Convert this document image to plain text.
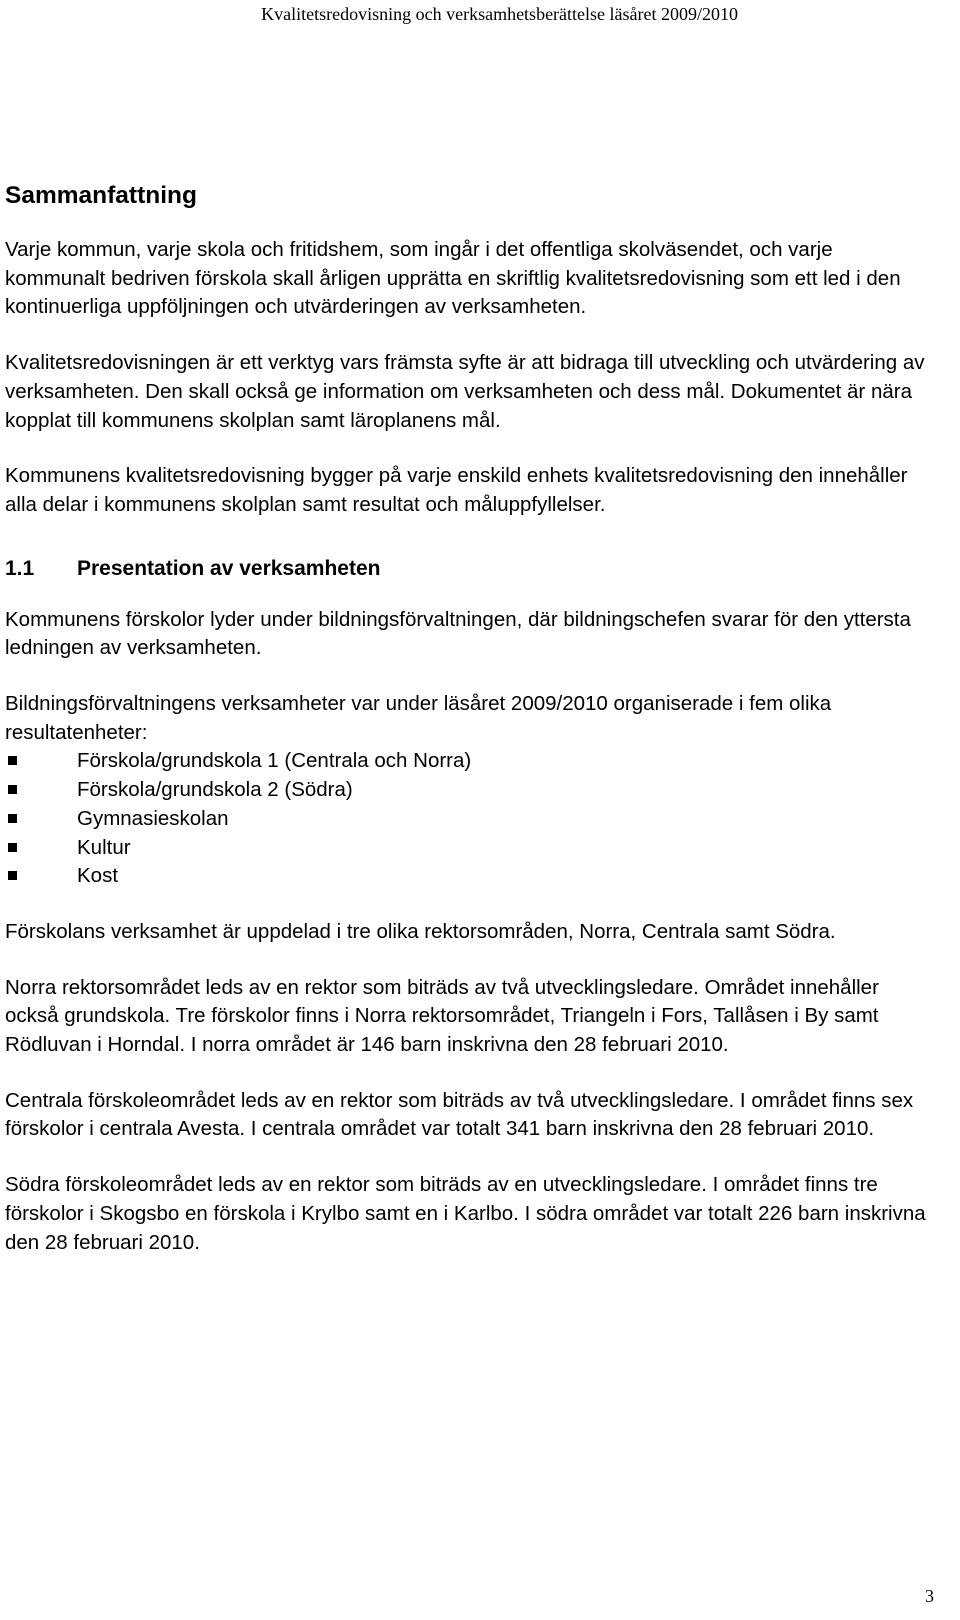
Kvalitetsredovisning och verksamhetsberättelse läsåret 2009/2010
Sammanfattning

Varje kommun, varje skola och fritidshem, som ingår i det offentliga skolväsendet, och varje kommunalt bedriven förskola skall årligen upprätta en skriftlig kvalitetsredovisning som ett led i den kontinuerliga uppföljningen och utvärderingen av verksamheten.

Kvalitetsredovisningen är ett verktyg vars främsta syfte är att bidraga till utveckling och utvärdering av verksamheten. Den skall också ge information om verksamheten och dess mål. Dokumentet är nära kopplat till kommunens skolplan samt läroplanens mål.

Kommunens kvalitetsredovisning bygger på varje enskild enhets kvalitetsredovisning den innehåller alla delar i kommunens skolplan samt resultat och måluppfyllelser.

1.1 Presentation av verksamheten

Kommunens förskolor lyder under bildningsförvaltningen, där bildningschefen svarar för den yttersta ledningen av verksamheten.

Bildningsförvaltningens verksamheter var under läsåret 2009/2010 organiserade i fem olika resultatenheter:

Förskola/grundskola 1 (Centrala och Norra)
Förskola/grundskola 2 (Södra)
Gymnasieskolan
Kultur
Kost

Förskolans verksamhet är uppdelad i tre olika rektorsområden, Norra, Centrala samt Södra.

Norra rektorsområdet leds av en rektor som biträds av två utvecklingsledare. Området innehåller också grundskola. Tre förskolor finns i Norra rektorsområdet, Triangeln i Fors, Tallåsen i By samt Rödluvan i Horndal. I norra området är 146 barn inskrivna den 28 februari 2010.

Centrala förskoleområdet leds av en rektor som biträds av två utvecklingsledare. I området finns sex förskolor i centrala Avesta. I centrala området var totalt 341 barn inskrivna den 28 februari 2010.

Södra förskoleområdet leds av en rektor som biträds av en utvecklingsledare. I området finns tre förskolor i Skogsbo en förskola i Krylbo samt en i Karlbo. I södra området var totalt 226 barn inskrivna den 28 februari 2010.

3
